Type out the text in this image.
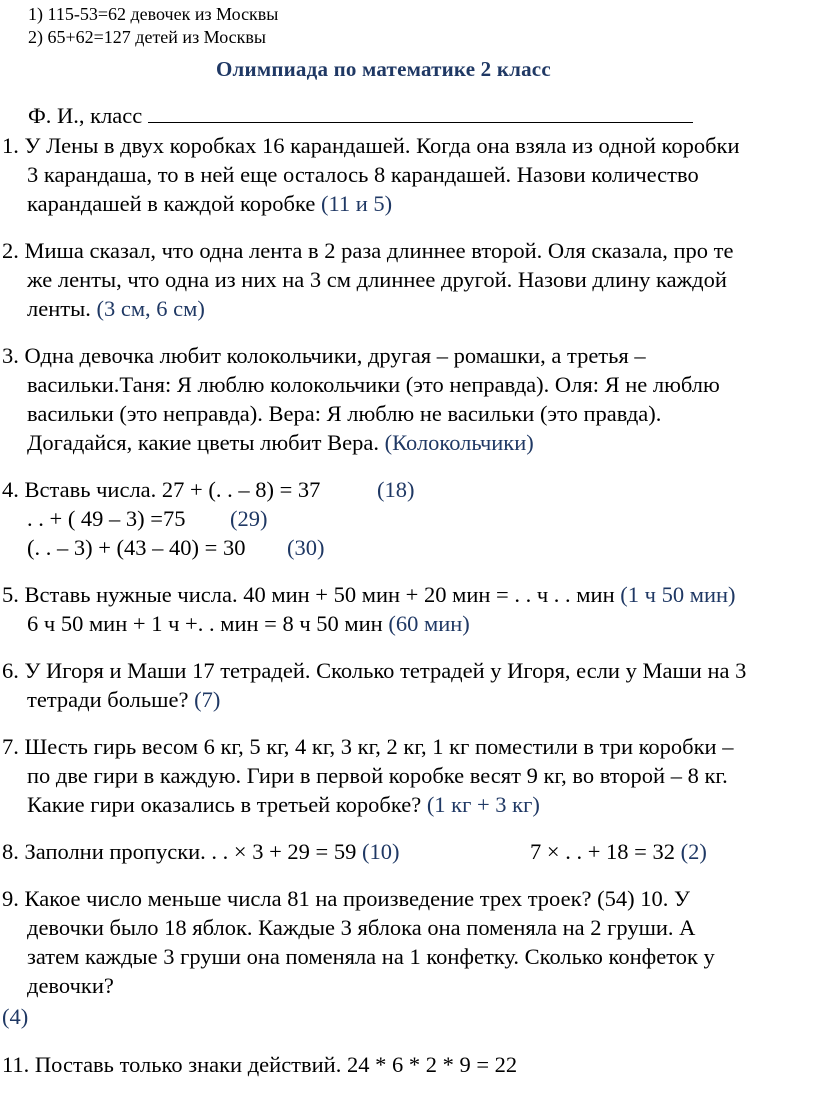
1) 115-53=62 девочек из Москвы
2) 65+62=127 детей из Москвы
Олимпиада по математике 2 класс
Ф. И., класс
1. У Лены в двух коробках 16 карандашей. Когда она взяла из одной коробки
3 карандаша, то в ней еще осталось 8 карандашей. Назови количество
карандашей в каждой коробке (11 и 5)
2. Миша сказал, что одна лента в 2 раза длиннее второй. Оля сказала, про те
же ленты, что одна из них на 3 см длиннее другой. Назови длину каждой
ленты. (3 см, 6 см)
3. Одна девочка любит колокольчики, другая – ромашки, а третья –
васильки.Таня: Я люблю колокольчики (это неправда). Оля: Я не люблю
васильки (это неправда). Вера: Я люблю не васильки (это правда).
Догадайся, какие цветы любит Вера. (Колокольчики)
4. Вставь числа. 27 + (. . – 8) = 37	(18)
. . + ( 49 – 3) =75 (29)
(. . – 3) + (43 – 40) = 30 (30)
5. Вставь нужные числа. 40 мин + 50 мин + 20 мин = . . ч . . мин (1 ч 50 мин)
6 ч 50 мин + 1 ч +. . мин = 8 ч 50 мин (60 мин)
6. У Игоря и Маши 17 тетрадей. Сколько тетрадей у Игоря, если у Маши на 3
тетради больше? (7)
7. Шесть гирь весом 6 кг, 5 кг, 4 кг, 3 кг, 2 кг, 1 кг поместили в три коробки –
по две гири в каждую. Гири в первой коробке весят 9 кг, во второй – 8 кг.
Какие гири оказались в третьей коробке? (1 кг + 3 кг)
8. Заполни пропуски. . . × 3 + 29 = 59 (10)	7 × . . + 18 = 32 (2)
9. Какое число меньше числа 81 на произведение трех троек? (54) 10. У
девочки было 18 яблок. Каждые 3 яблока она поменяла на 2 груши. А
затем каждые 3 груши она поменяла на 1 конфетку. Сколько конфеток у
девочки?
(4)
11. Поставь только знаки действий. 24 * 6 * 2 * 9 = 22
